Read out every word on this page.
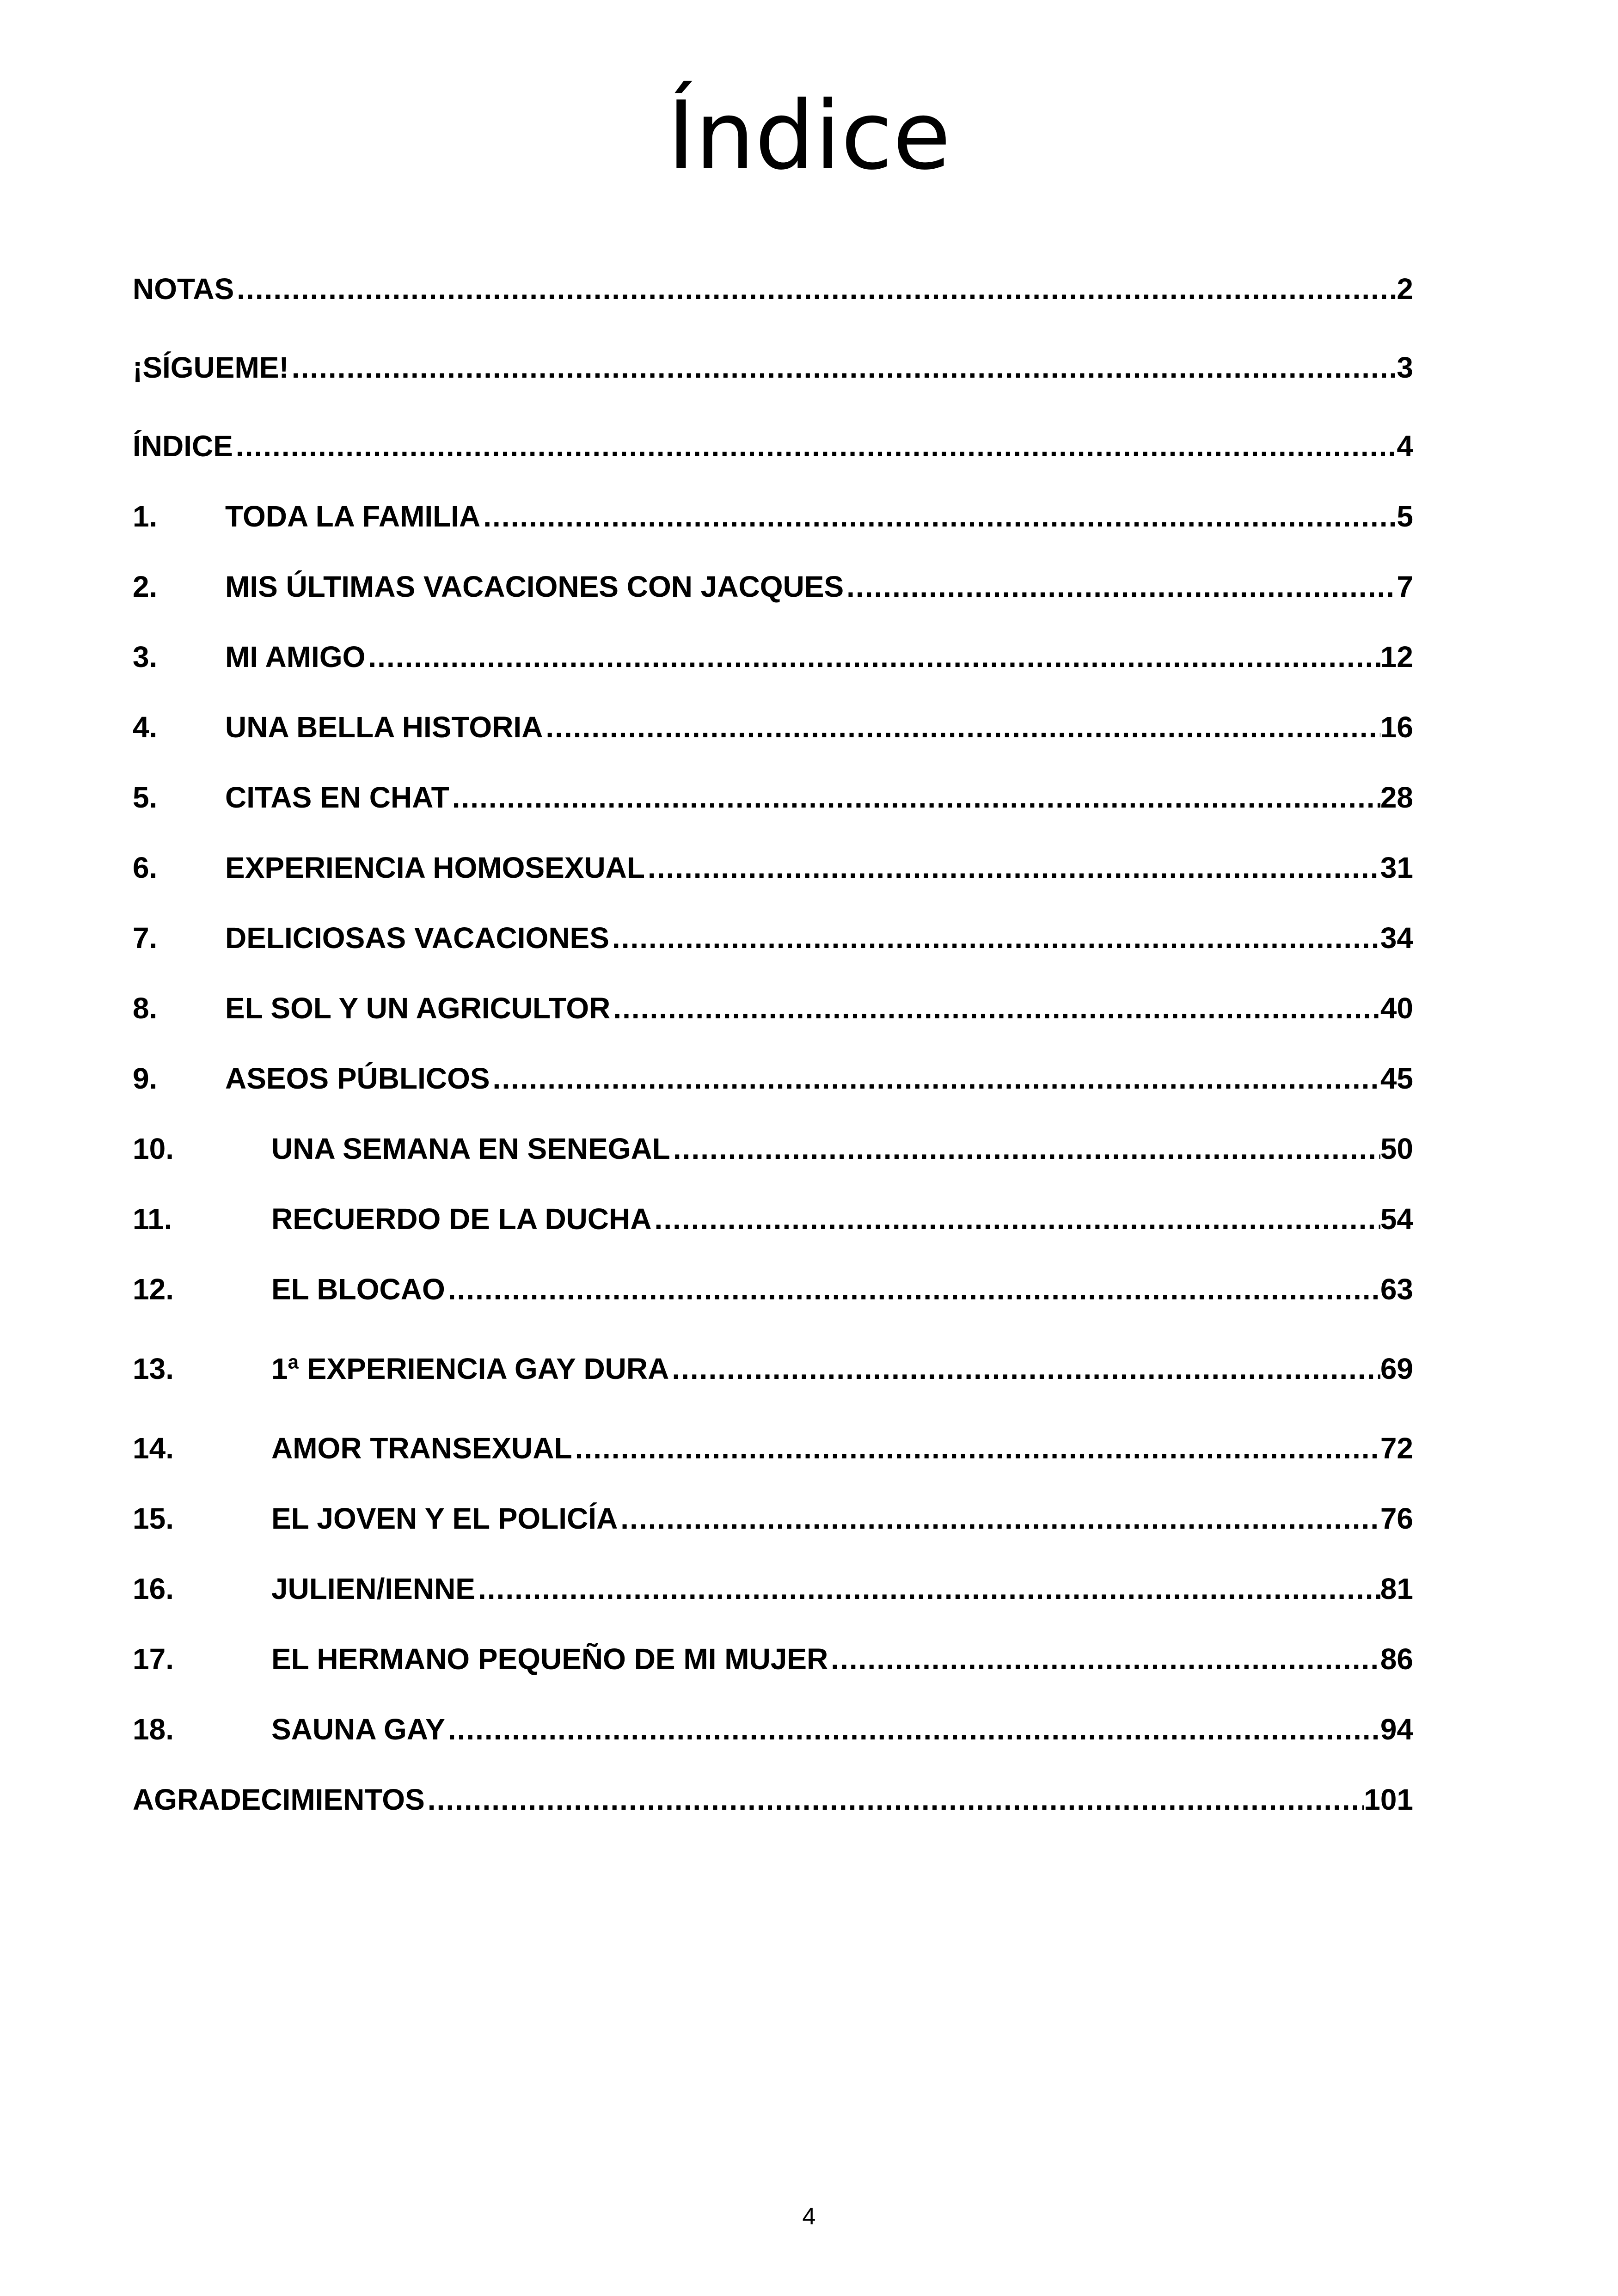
Índice
NOTAS .....	2
¡SÍGUEME! .....	3
ÍNDICE .....	4
1.	TODA LA FAMILIA .....	5
2.	MIS ÚLTIMAS VACACIONES CON JACQUES .....	7
3.	MI AMIGO .....	12
4.	UNA BELLA HISTORIA .....	16
5.	CITAS EN CHAT .....	28
6.	EXPERIENCIA HOMOSEXUAL .....	31
7.	DELICIOSAS VACACIONES .....	34
8.	EL SOL Y UN AGRICULTOR .....	40
9.	ASEOS PÚBLICOS .....	45
10.	UNA SEMANA EN SENEGAL .....	50
11.	RECUERDO DE LA DUCHA .....	54
12.	EL BLOCAO .....	63
13.	1$^a$ EXPERIENCIA GAY DURA .....	69
14.	AMOR TRANSEXUAL .....	72
15.	EL JOVEN Y EL POLICÍA .....	76
16.	JULIEN/IENNE .....	81
17.	EL HERMANO PEQUEÑO DE MI MUJER .....	86
18.	SAUNA GAY .....	94
AGRADECIMIENTOS .....	101
4
